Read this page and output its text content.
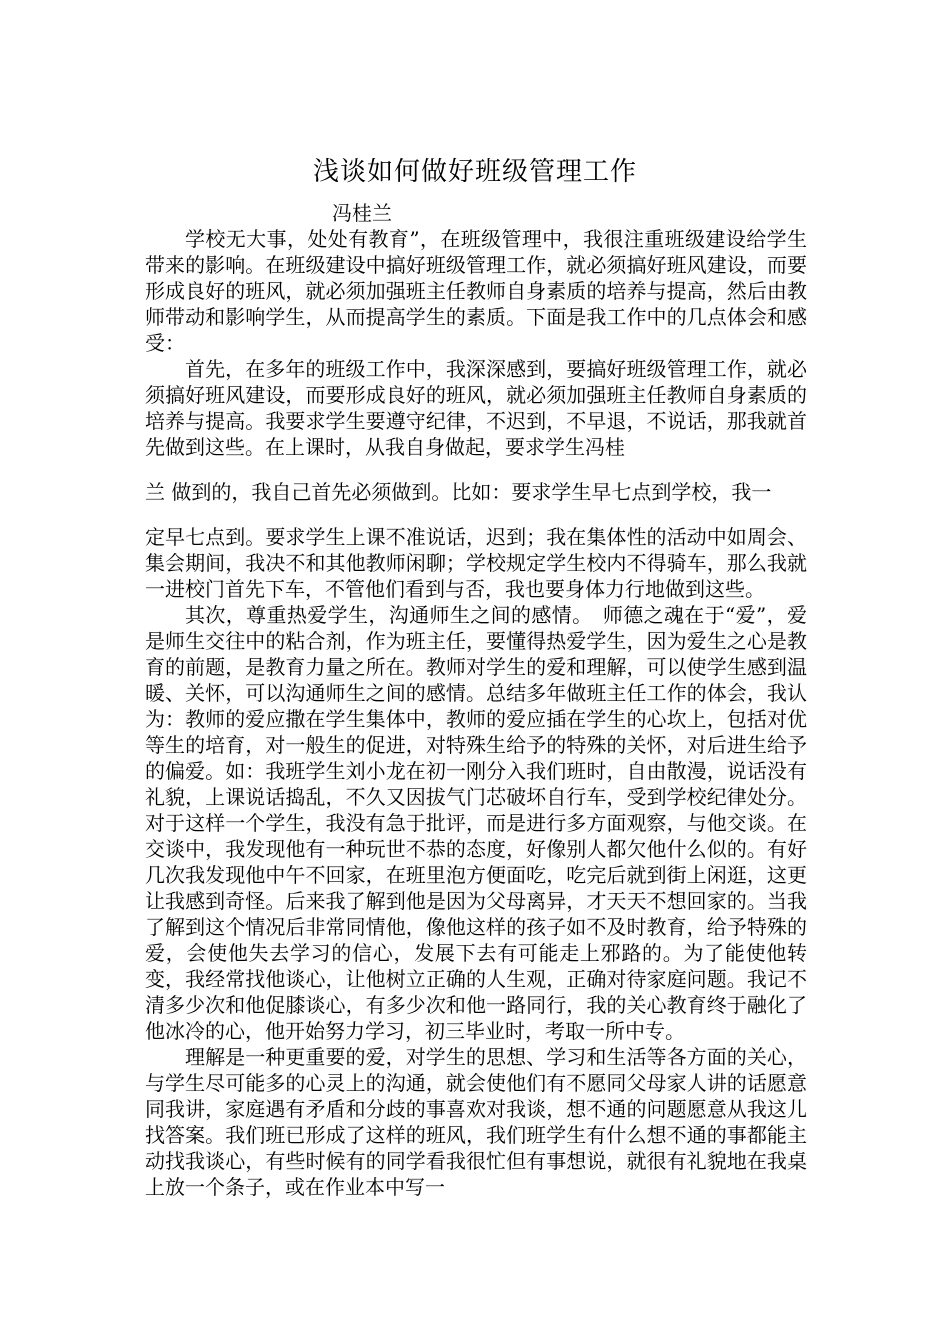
浅谈如何做好班级管理工作
冯桂兰

学校无大事，处处有教育”，在班级管理中，我很注重班级建设给学生带来的影响。在班级建设中搞好班级管理工作，就必须搞好班风建设，而要形成良好的班风，就必须加强班主任教师自身素质的培养与提高，然后由教师带动和影响学生，从而提高学生的素质。下面是我工作中的几点体会和感受：

首先，在多年的班级工作中，我深深感到，要搞好班级管理工作，就必须搞好班风建设，而要形成良好的班风，就必须加强班主任教师自身素质的培养与提高。我要求学生要遵守纪律，不迟到，不早退，不说话，那我就首先做到这些。在上课时，从我自身做起，要求学生冯桂

兰 做到的，我自己首先必须做到。比如：要求学生早七点到学校，我一

定早七点到。要求学生上课不准说话，迟到；我在集体性的活动中如周会、集会期间，我决不和其他教师闲聊；学校规定学生校内不得骑车，那么我就一进校门首先下车，不管他们看到与否，我也要身体力行地做到这些。

其次，尊重热爱学生，沟通师生之间的感情。　师德之魂在于“爱”，爱是师生交往中的粘合剂，作为班主任，要懂得热爱学生，因为爱生之心是教育的前题，是教育力量之所在。教师对学生的爱和理解，可以使学生感到温暖、关怀，可以沟通师生之间的感情。总结多年做班主任工作的体会，我认为：教师的爱应撒在学生集体中，教师的爱应插在学生的心坎上，包括对优等生的培育，对一般生的促进，对特殊生给予的特殊的关怀，对后进生给予的偏爱。如：我班学生刘小龙在初一刚分入我们班时，自由散漫，说话没有礼貌，上课说话捣乱，不久又因拔气门芯破坏自行车，受到学校纪律处分。对于这样一个学生，我没有急于批评，而是进行多方面观察，与他交谈。在交谈中，我发现他有一种玩世不恭的态度，好像别人都欠他什么似的。有好几次我发现他中午不回家，在班里泡方便面吃，吃完后就到街上闲逛，这更让我感到奇怪。后来我了解到他是因为父母离异，才天天不想回家的。当我了解到这个情况后非常同情他，像他这样的孩子如不及时教育，给予特殊的爱，会使他失去学习的信心，发展下去有可能走上邪路的。为了能使他转变，我经常找他谈心，让他树立正确的人生观，正确对待家庭问题。我记不清多少次和他促膝谈心，有多少次和他一路同行，我的关心教育终于融化了他冰冷的心，他开始努力学习，初三毕业时，考取一所中专。

理解是一种更重要的爱，对学生的思想、学习和生活等各方面的关心，与学生尽可能多的心灵上的沟通，就会使他们有不愿同父母家人讲的话愿意同我讲，家庭遇有矛盾和分歧的事喜欢对我谈，想不通的问题愿意从我这儿找答案。我们班已形成了这样的班风，我们班学生有什么想不通的事都能主动找我谈心，有些时候有的同学看我很忙但有事想说，就很有礼貌地在我桌上放一个条子，或在作业本中写一
